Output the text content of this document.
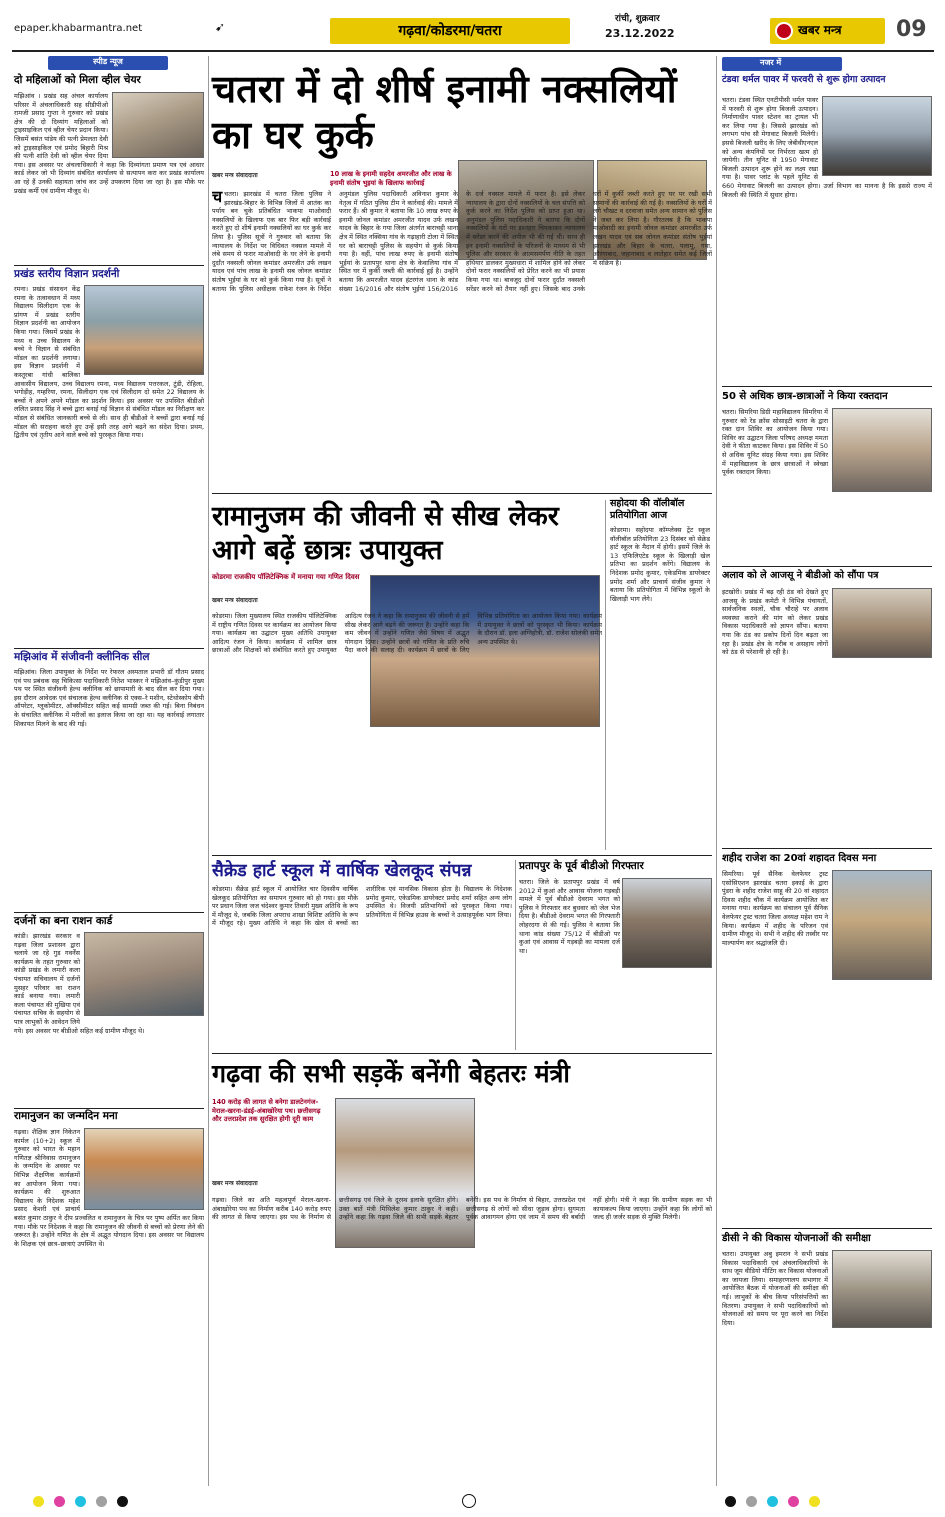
epaper.khabarmantra.net	➹	गढ़वा/कोडरमा/चतरा
रांची, शुक्रवार
23.12.2022	खबर मन्त्र 09
स्पीड न्यूज
दो महिलाओं को मिला व्हील चेयर
मझिआंव । प्रखंड सह अंचल कार्यालय परिसर में अंचलाधिकारी सह सीडीपीओ रामजी प्रसाद गुप्ता ने गुरुवार को प्रखंड क्षेत्र की दो दिव्यांग महिलाओं को ट्राइसाइकिल एवं व्हील चेयर प्रदान किया। जिसमें बसंत पांडेय की पत्नी प्रेमलता देवी को ट्राइसाइकिल एवं प्रमोद बिहारी मिश्र की पत्नी शांति देवी को व्हील चेयर दिया गया। इस अवसर पर अंचलाधिकारी ने कहा कि दिव्यांगता प्रमाण पत्र एवं आधार कार्ड लेकर जो भी दिव्यांग संबंधित कार्यालय से सत्यापन करा कर प्रखंड कार्यालय आ रहे हैं उनकी सहायता जांच कर उन्हें उपकरण दिया जा रहा है। इस मौके पर प्रखंड कर्मी एवं ग्रामीण मौजूद थे।
प्रखंड स्तरीय विज्ञान प्रदर्शनी
रमना। प्रखंड संसाधन केंद्र रमना के तत्वावधान में मध्य विद्यालय सिलीदाग एक के प्रांगण में प्रखंड स्तरीय विज्ञान प्रदर्शनी का आयोजन किया गया। जिसमें प्रखंड के मध्य व उच्च विद्यालय के बच्चे ने विज्ञान से संबंधित मॉडल का प्रदर्शनी लगाया। इस विज्ञान प्रदर्शनी में कस्तूरबा गांधी बालिका आवासीय विद्यालय, उच्च विद्यालय रमना, मध्य विद्यालय पत्तरकल, टुंडी, रोहिला, भगोड़ीह, गम्हरिया, रमना, सिलीदाग एक एवं सिलीदाग दो समेत 22 विद्यालय के बच्चों ने अपने अपने मॉडल का प्रदर्शन किया। इस अवसर पर उपस्थित बीडीओ ललित प्रसाद सिंह ने बच्चे द्वारा बनाई गई विज्ञान से संबंधित मॉडल का निरीक्षण कर मॉडल से संबंधित जानकारी बच्चे से ली। साथ ही बीडीओ ने बच्चों द्वारा बनाई गई मॉडल की सराहना करते हुए उन्हें इसी तरह आगे बढ़ने का संदेश दिया। प्रथम, द्वितीय एवं तृतीय आने वाले बच्चे को पुरस्कृत किया गया।
मझिआंव में संजीवनी क्लीनिक सील
मझिआंव। जिला उपायुक्त के निर्देश पर रेफरल अस्पताल प्रभारी डॉ गौतम प्रसाद एवं पथ प्रबंधक सह चिकित्सा पदाधिकारी नितेश भास्कर ने मझिआंव–कुंडीपुर मुख्य पथ पर स्थित संजीवनी हेल्थ क्लीनिक को छापामारी के बाद सील कर दिया गया। इस दौरान आवेदक एवं संचालक हेल्थ क्लीनिक से एक्स–रे मशीन, स्टेथोस्कोप बीपी ऑपरेटर, ग्लूकोमीटर, ऑक्सीमीटर सहित कई सामग्री जब्त की गई। बिना निबंधन के संचालित क्लीनिक में मरीजों का इलाज किया जा रहा था। यह कार्रवाई लगातार शिकायत मिलने के बाद की गई।
दर्जनों का बना राशन कार्ड
कांडी। झारखंड सरकार व गढ़वा जिला प्रशासन द्वारा चलाये जा रहे गुड गवर्नेंस कार्यक्रम के तहत गुरुवार को कांडी प्रखंड के लमारी कला पंचायत सचिवालय में दर्जनों मुसहर परिवार का राशन कार्ड बनाया गया। लमारी कला पंचायत की मुखिया एवं पंचायत सचिव के सहयोग से पात्र लाभुकों के आवेदन लिये गये। इस अवसर पर बीडीओ सहित कई ग्रामीण मौजूद थे।
रामानुजन का जन्मदिन मना
गढ़वा। शैक्षिक ज्ञान निकेतन कार्मल (10+2) स्कूल में गुरुवार को भारत के महान गणितज्ञ श्रीनिवास रामानुजन के जन्मदिन के अवसर पर विभिन्न शैक्षणिक कार्यक्रमों का आयोजन किया गया। कार्यक्रम की शुरुआत विद्यालय के निदेशक महेश प्रसाद केशरी एवं प्राचार्य बसंत कुमार ठाकुर ने दीप प्रज्वलित व रामानुजन के चित्र पर पुष्प अर्पित कर किया गया। मौके पर निदेशक ने कहा कि रामानुजन की जीवनी से बच्चों को प्रेरणा लेने की जरूरत है। उन्होंने गणित के क्षेत्र में अद्भुत योगदान दिया। इस अवसर पर विद्यालय के शिक्षक एवं छात्र–छात्राएं उपस्थित थे।
चतरा में दो शीर्ष इनामी नक्सलियों का घर कुर्क
खबर मन्त्र संवाददाता	10 लाख के इनामी सहदेव अमरजीत और लाख के इनामी संतोष भुइयां के खिलाफ कार्रवाई
चचतरा। झारखंड में चतरा जिला पुलिस ने झारखंड-बिहार के विभिन्न जिलों में आतंक का पर्याय बन चुके प्रतिबंधित भाकपा माओवादी नक्सलियों के खिलाफ एक बार फिर बड़ी कार्रवाई करते हुए दो शीर्ष इनामी नक्सलियों का घर कुर्क कर लिया है। पुलिस सूत्रों ने गुरुवार को बताया कि न्यायालय के निर्देश पर विधिवत नक्सल मामले में लंबे समय से फरार माओवादी के घर लेने के इनामी दुर्दांत नक्सली जोनल कमांडर अमरजीत उर्फ लखन यादव एवं पांच लाख के इनामी सब जोनल कमांडर संतोष भुईयां के घर को कुर्क किया गया है। सूत्रों ने बताया कि पुलिस अधीक्षक राकेश रंजन के निर्देश अनुमंडल पुलिस पदाधिकारी अविनाश कुमार के नेतृत्व में गठित पुलिस टीम ने कार्रवाई की। मामले में फरार हैं। श्री कुमार ने बताया कि 10 लाख रुपए के इनामी जोनल कमांडर अमरजीत यादव उर्फ लखन यादव के बिहार के गया जिला अंतर्गत बाराचट्टी थाना क्षेत्र में स्थित नक्सिया गांव के गढ़ाहारी टोला में स्थित घर को बाराचट्टी पुलिस के सहयोग से कुर्क किया गया है। वहीं, पांच लाख रुपए के इनामी संतोष भुईयां के प्रतापपुर थाना क्षेत्र के केवालिया गांव में स्थित घर में कुर्की जब्ती की कार्रवाई हुई है। उन्होंने बताया कि अमरजीत यादव हंटरगंज थाना के कांड संख्या 16/2016 और संतोष भुईयां 156/2016 के दर्ज नक्सल मामले में फरार है। इसे लेकर न्यायालय के द्वारा दोनों नक्सलियों के चल संपत्ति को कुर्क करने का निर्देश पुलिस को प्राप्त हुआ था। अनुमंडल पुलिस पदाधिकारी ने बताया कि दोनों नक्सलियों के घरों पर इश्तहार चिपकाकर न्यायालय में सरेंडर करने की अपील भी की गई थी। साथ ही इन इनामी नक्सलियों के परिजनों के माध्यम से भी पुलिस और सरकार के आत्मसमर्पण नीति के तहत हथियार डालकर मुख्यधारा में शामिल होने को लेकर दोनों फरार नक्सलियों को प्रेरित करने का भी प्रयास किया गया था। बावजूद दोनों फरार दुर्दांत नक्सली सरेंडर करने को तैयार नहीं हुए। जिसके बाद उनके घरों में कुर्की जब्ती करते हुए घर पर रखी सभी सामानों की कार्रवाई की गई है। नक्सलियों के घरों में लगे चौखट व दरवाजा समेत अन्य सामान को पुलिस ने जब्त कर लिया है। गौरतलब है कि भाकपा माओवादी का इनामी जोनल कमांडर अमरजीत उर्फ लखन यादव एवं सब जोनल कमांडर संतोष भुईयां झारखंड और बिहार के चतरा, पलामू, गया, औरंगाबाद, जहानाबाद व लातेहार समेत कई जिलों में सक्रिय है।
रामानुजम की जीवनी से सीख लेकर आगे बढ़ें छात्रः उपायुक्त
कोडरमा राजकीय पॉलिटेक्निक में मनाया गया गणित दिवस
खबर मन्त्र संवाददाता
कोडरमा। जिला मुख्यालय स्थित राजकीय पॉलिटेक्निक में राष्ट्रीय गणित दिवस पर कार्यक्रम का आयोजन किया गया। कार्यक्रम का उद्घाटन मुख्य अतिथि उपायुक्त आदित्य रंजन ने किया। कार्यक्रम में शामिल छात्र छात्राओं और शिक्षकों को संबोधित करते हुए उपायुक्त आदित्य रंजन ने कहा कि रामानुजम की जीवनी से हमें सीख लेकर आगे बढ़ने की जरूरत है। उन्होंने कहा कि कम जीवन में उन्होंने गणित जैसे विषय में अद्भुत योगदान दिया। उन्होंने छात्रों को गणित के प्रति रुचि पैदा करने की सलाह दी। कार्यक्रम में छात्रों के लिए विभिन्न प्रतियोगिता का आयोजन किया गया। कार्यक्रम में उपायुक्त ने छात्रों को पुरस्कृत भी किया। कार्यक्रम के दौरान डॉ. इला अग्निहोत्री, डॉ. राजेश सोलंकी समेत अन्य उपस्थित थे।
सहोदया की वॉलीबॉल प्रतियोगिता आज
कोडरमा। सहोदया कॉम्प्लेक्स ट्रेंट स्कूल वॉलीबॉल प्रतियोगिता 23 दिसंबर को सेक्रेड हार्ट स्कूल के मैदान में होगी। इसमें जिले के 13 एफिलिएटेड स्कूल के खिलाड़ी खेल प्रतिभा का प्रदर्शन करेंगे। विद्यालय के निदेशक प्रमोद कुमार, एकेडमिक डायरेक्टर प्रमोद शर्मा और प्राचार्य संजीव कुमार ने बताया कि प्रतियोगिता में विभिन्न स्कूलों के खिलाड़ी भाग लेंगे।
सैक्रेड हार्ट स्कूल में वार्षिक खेलकूद संपन्न
कोडरमा। सैक्रेड हार्ट स्कूल में आयोजित चार दिवसीय वार्षिक खेलकूद प्रतियोगिता का समापन गुरुवार को हो गया। इस मौके पर प्रधान जिला जज चंदेश्वर कुमार तिवारी मुख्य अतिथि के रूप में मौजूद थे, जबकि जिला अपराध शाखा विशिष्ट अतिथि के रूप में मौजूद रहे। मुख्य अतिथि ने कहा कि खेल से बच्चों का शारीरिक एवं मानसिक विकास होता है। विद्यालय के निदेशक प्रमोद कुमार, एकेडमिक डायरेक्टर प्रमोद शर्मा सहित अन्य लोग उपस्थित थे। विजयी प्रतिभागियों को पुरस्कृत किया गया। प्रतियोगिता में विभिन्न हाउस के बच्चों ने उत्साहपूर्वक भाग लिया।
प्रतापपुर के पूर्व बीडीओ गिरफ्तार
चतरा। जिले के प्रतापपुर प्रखंड में वर्ष 2012 में कुआं और आवास योजना गड़बड़ी मामले में पूर्व बीडीओ देवराम भगत को पुलिस ने गिरफ्तार कर बुधवार को जेल भेज दिया है। बीडीओ देवराम भगत की गिरफ्तारी लोहरदगा से की गई। पुलिस ने बताया कि थाना कांड संख्या 75/12 में बीडीओ पर कुआं एवं आवास में गड़बड़ी का मामला दर्ज था।
गढ़वा की सभी सड़कें बनेंगी बेहतरः मंत्री
140 करोड़ की लागत से बनेगा डालटेनगंज-मेराल-खरना-डंडई-अंबाखोरेया पथ। छत्तीसगढ़ और उत्तरप्रदेश तक सुरक्षित होगी दूरी काम
खबर मन्त्र संवाददाता
गढ़वा। जिले का अति महत्वपूर्ण मेराल-खरना-अंबाखोरेया पथ का निर्माण करीब 140 करोड़ रुपए की लागत से किया जाएगा। इस पथ के निर्माण से छत्तीसगढ़ एवं जिले के दूरस्थ इलाके सुरक्षित होंगे। उक्त बातें मंत्री मिथिलेश कुमार ठाकुर ने कही। उन्होंने कहा कि गढ़वा जिले की सभी सड़कें बेहतर बनेंगी। इस पथ के निर्माण से बिहार, उत्तरप्रदेश एवं छत्तीसगढ़ से लोगों को सीधा जुड़ाव होगा। सुगमता पूर्वक आवागमन होगा एवं जाम में समय की बर्बादी नहीं होगी। मंत्री ने कहा कि ग्रामीण सड़क का भी कायाकल्प किया जाएगा। उन्होंने कहा कि लोगों को जल्द ही जर्जर सड़क से मुक्ति मिलेगी।
नजर में
टंडवा थर्मल पावर में फरवरी से शुरू होगा उत्पादन
चतरा। टंडवा स्थित एनटीपीसी थर्मल पावर में फरवरी से शुरू होगा बिजली उत्पादन। निर्माणाधीन पावर स्टेशन का ट्रायल भी कर लिया गया है। जिससे झारखंड को लगभग पांच सौ मेगावाट बिजली मिलेगी। इससे बिजली खरीद के लिए जेबीवीएनएल को अन्य कंपनियों पर निर्भरता खत्म हो जायेगी। तीन यूनिट से 1950 मेगावाट बिजली उत्पादन शुरू होने का लक्ष्य रखा गया है। पावर प्लांट के पहले यूनिट से 660 मेगावाट बिजली का उत्पादन होगा। उर्जा विभाग का मानना है कि इससे राज्य में बिजली की स्थिति में सुधार होगा।
50 से अधिक छात्र-छात्राओं ने किया रक्तदान
चतरा। सिमरिया डिग्री महाविद्यालय सिमरिया में गुरुवार को रेड क्रॉस सोसाइटी चतरा के द्वारा रक्त दान शिविर का आयोजन किया गया। शिविर का उद्घाटन जिला परिषद अध्यक्ष ममता देवी ने फीता काटकर किया। इस शिविर में 50 से अधिक यूनिट संग्रह किया गया। इस शिविर में महाविद्यालय के छात्र छात्राओं ने स्वेच्छा पूर्वक रक्तदान किया।
अलाव को ले आजसू ने बीडीओ को सौंपा पत्र
इटखोरी। प्रखंड में बढ़ रही ठंड को देखते हुए आजसू के प्रखंड कमेटी ने विभिन्न पंचायतों, सार्वजनिक स्थलों, चौक चौराहे पर अलाव व्यवस्था कराने की मांग को लेकर प्रखंड विकास पदाधिकारी को ज्ञापन सौंपा। बताया गया कि ठंड का प्रकोप दिनों दिन बढ़ता जा रहा है। प्रखंड क्षेत्र के गरीब व असहाय लोगों को ठंड से परेशानी हो रही है।
शहीद राजेश का 20वां शहादत दिवस मना
सिमरिया। पूर्व सैनिक वेलफेयर ट्रस्ट एसोसिएशन झारखंड चतरा इकाई के द्वारा पुंडरा के शहीद राजेश साहू की 20 वां शहादत दिवस शहीद चौक में कार्यक्रम आयोजित कर मनाया गया। कार्यक्रम का संचालन पूर्व सैनिक वेलफेयर ट्रस्ट चतरा जिला अध्यक्ष महेश राम ने किया। कार्यक्रम में शहीद के परिजन एवं ग्रामीण मौजूद थे। सभी ने शहीद की तस्वीर पर माल्यार्पण कर श्रद्धांजलि दी।
डीसी ने की विकास योजनाओं की समीक्षा
चतरा। उपायुक्त अबु इमरान ने सभी प्रखंड विकास पदाधिकारी एवं अंचलाधिकारियों के साथ जूम वीडियो मीटिंग कर विकास योजनाओं का जायजा लिया। समाहरणालय सभागार में आयोजित बैठक में योजनाओं की समीक्षा की गई। लाभुकों के बीच किया परिसंपत्तियों का वितरण। उपायुक्त ने सभी पदाधिकारियों को योजनाओं को समय पर पूरा करने का निर्देश दिया।
